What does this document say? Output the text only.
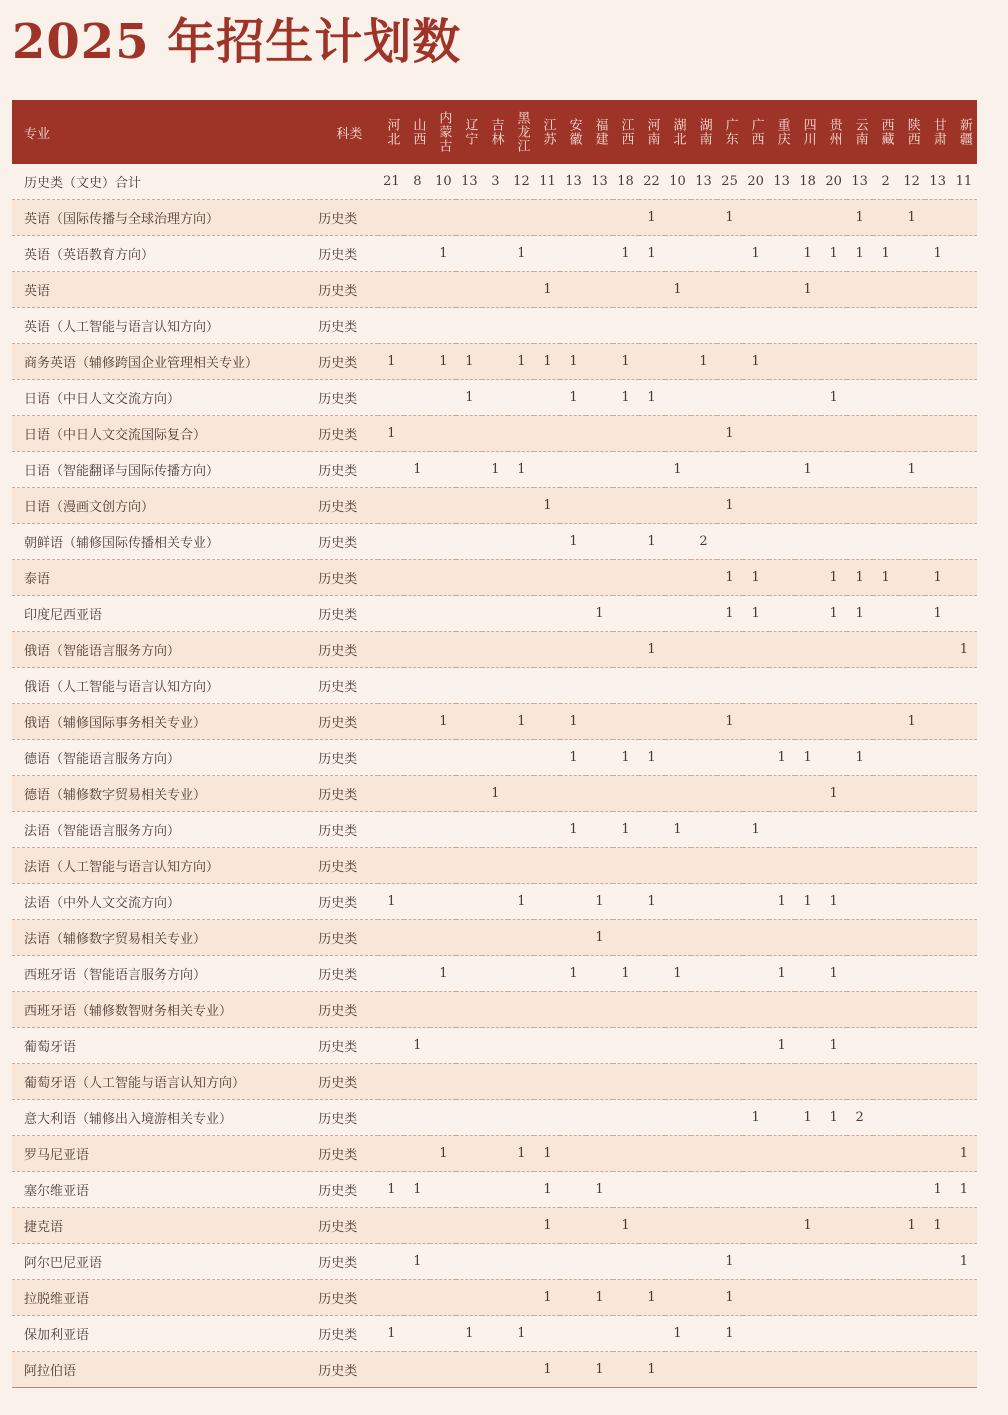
2025 年招生计划数
专业	科类	河北	山西	内蒙古	辽宁	吉林	黑龙江	江苏	安徽	福建	江西	河南	湖北	湖南	广东	广西	重庆	四川	贵州	云南	西藏	陕西	甘肃	新疆
历史类（文史）合计		21	8	10	13	3	12	11	13	13	18	22	10	13	25	20	13	18	20	13	2	12	13	11
英语（国际传播与全球治理方向）	历史类											1			1					1		1		
英语（英语教育方向）	历史类			1			1				1	1				1		1	1	1	1		1	
英语	历史类							1					1					1						
英语（人工智能与语言认知方向）	历史类																							
商务英语（辅修跨国企业管理相关专业）	历史类	1		1	1		1	1	1		1			1		1								
日语（中日人文交流方向）	历史类				1				1		1	1							1					
日语（中日人文交流国际复合）	历史类	1													1									
日语（智能翻译与国际传播方向）	历史类		1			1	1						1					1				1		
日语（漫画文创方向）	历史类							1							1									
朝鲜语（辅修国际传播相关专业）	历史类								1			1		2										
泰语	历史类														1	1			1	1	1		1	
印度尼西亚语	历史类									1					1	1			1	1			1	
俄语（智能语言服务方向）	历史类											1												1
俄语（人工智能与语言认知方向）	历史类																							
俄语（辅修国际事务相关专业）	历史类			1			1		1						1							1		
德语（智能语言服务方向）	历史类								1		1	1					1	1		1				
德语（辅修数字贸易相关专业）	历史类					1													1					
法语（智能语言服务方向）	历史类								1		1		1			1								
法语（人工智能与语言认知方向）	历史类																							
法语（中外人文交流方向）	历史类	1					1			1		1					1	1	1					
法语（辅修数字贸易相关专业）	历史类									1														
西班牙语（智能语言服务方向）	历史类			1					1		1		1				1		1					
西班牙语（辅修数智财务相关专业）	历史类																							
葡萄牙语	历史类		1														1		1					
葡萄牙语（人工智能与语言认知方向）	历史类																							
意大利语（辅修出入境游相关专业）	历史类															1		1	1	2				
罗马尼亚语	历史类			1			1	1																1
塞尔维亚语	历史类	1	1					1		1													1	1
捷克语	历史类							1			1							1				1	1	
阿尔巴尼亚语	历史类		1												1									1
拉脱维亚语	历史类							1		1		1			1									
保加利亚语	历史类	1			1		1						1		1									
阿拉伯语	历史类							1		1		1												
